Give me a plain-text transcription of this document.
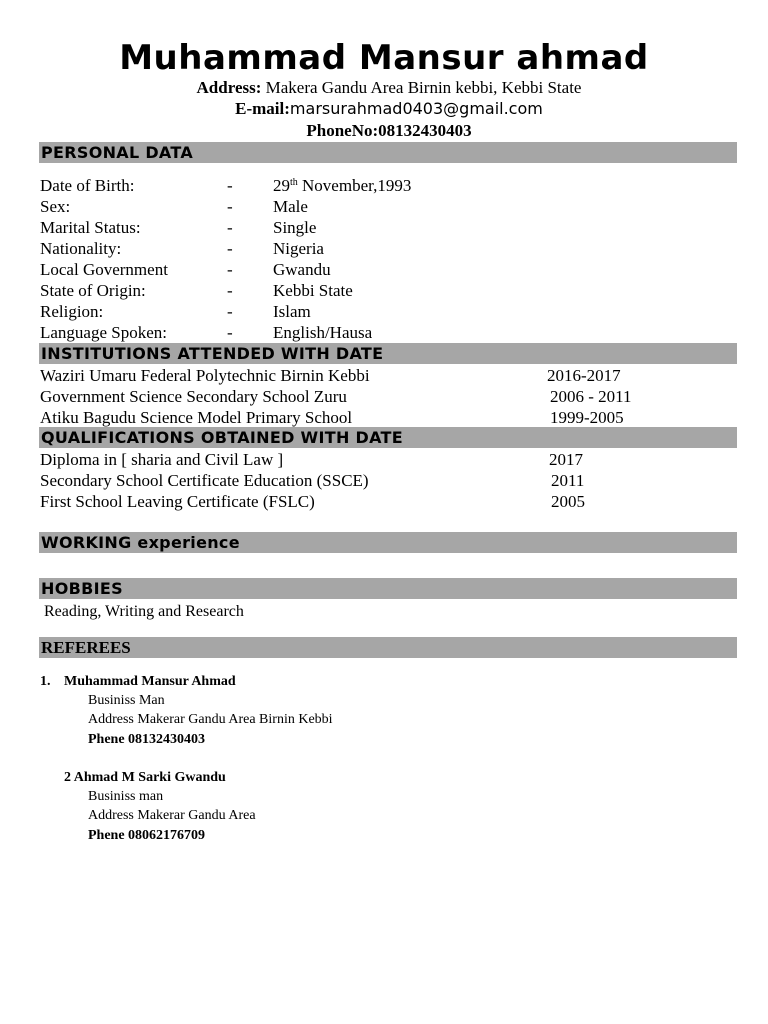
Muhammad Mansur ahmad
Address: Makera Gandu Area Birnin kebbi, Kebbi State
E-mail:marsurahmad0403@gmail.com
PhoneNo:08132430403
PERSONAL DATA
Date of Birth:	- 29th November,1993
Sex:	- Male
Marital Status:	- Single
Nationality:	- Nigeria
Local Government	- Gwandu
State of Origin:	- Kebbi State
Religion:	- Islam
Language Spoken:	- English/Hausa
INSTITUTIONS ATTENDED WITH DATE
Waziri Umaru Federal Polytechnic Birnin Kebbi	2016-2017
Government Science Secondary School Zuru	2006 - 2011
Atiku Bagudu Science Model Primary School	1999-2005
QUALIFICATIONS OBTAINED WITH DATE
Diploma in [ sharia and Civil Law ]	2017
Secondary School Certificate Education (SSCE)	2011
First School Leaving Certificate (FSLC)	2005
WORKING experience
HOBBIES
Reading, Writing and Research
REFEREES
1. Muhammad Mansur Ahmad
Businiss Man
Address Makerar Gandu Area Birnin Kebbi
Phene 08132430403
2 Ahmad M Sarki Gwandu
Businiss man
Address Makerar Gandu Area
Phene 08062176709
